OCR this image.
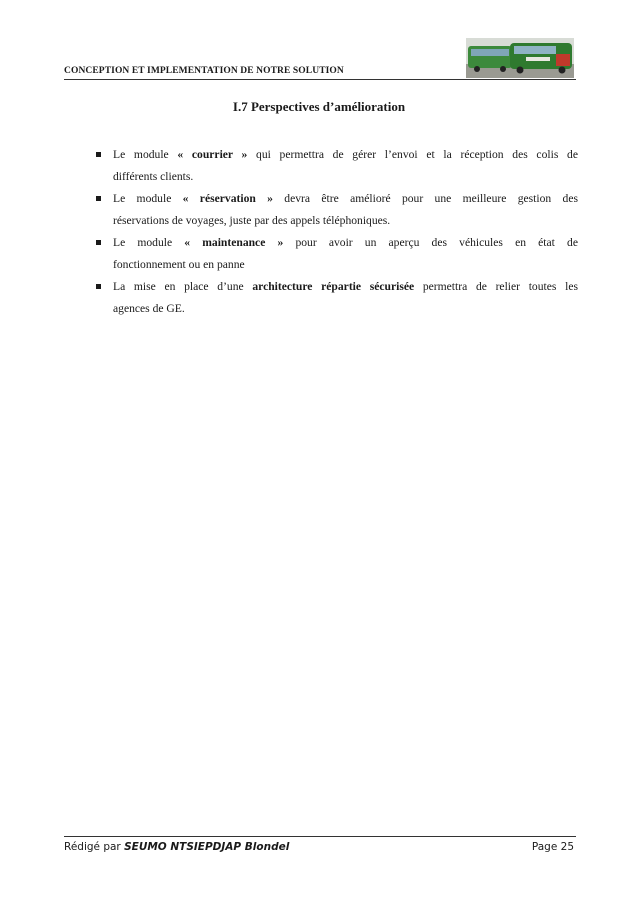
CONCEPTION ET IMPLEMENTATION DE NOTRE SOLUTION
I.7 Perspectives d’amélioration
Le module « courrier » qui permettra de gérer l’envoi et la réception des colis de
différents clients.
Le module « réservation » devra être amélioré pour une meilleure gestion des
réservations de voyages, juste par des appels téléphoniques.
Le module « maintenance » pour avoir un aperçu des véhicules en état de
fonctionnement ou en panne
La mise en place d’une architecture répartie sécurisée permettra de relier toutes les
agences de GE.
Rédigé par SEUMO NTSIEPDJAP Blondel	Page 25
